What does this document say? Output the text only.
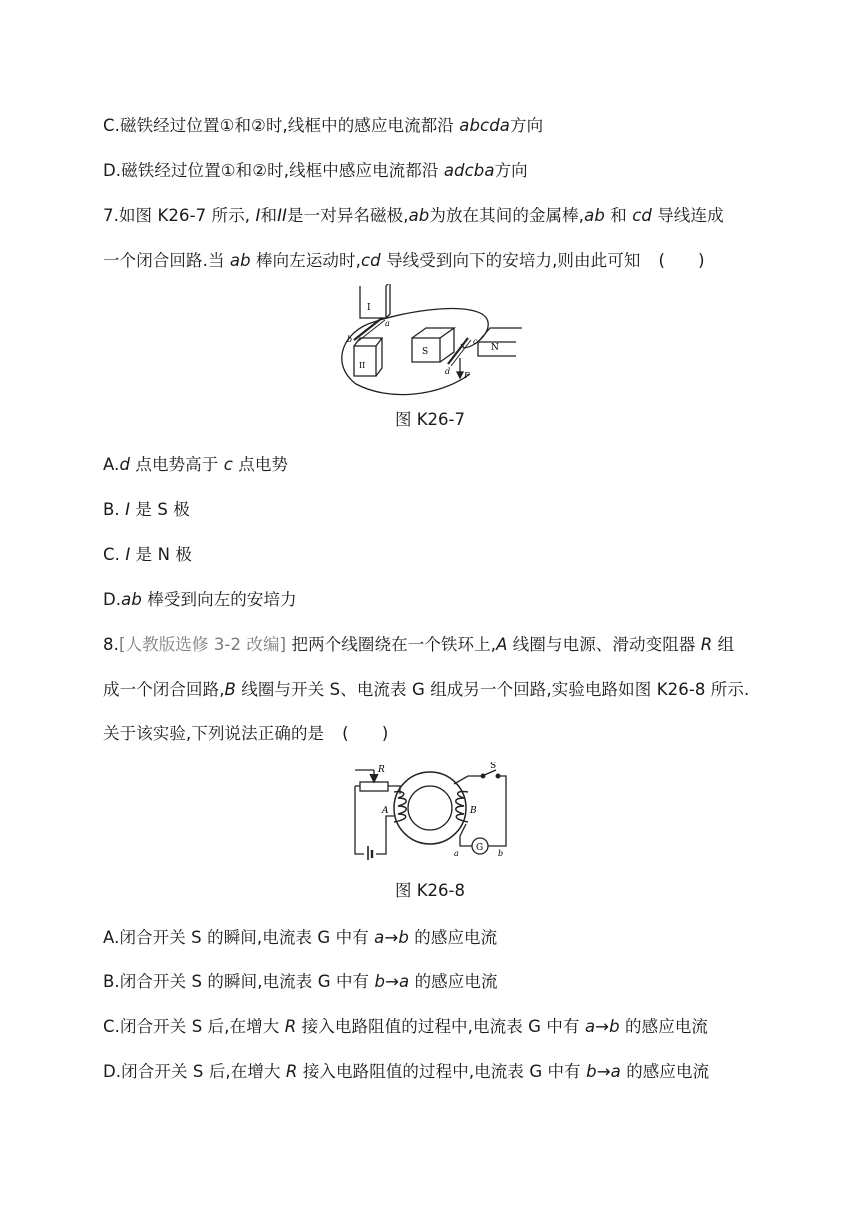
C.磁铁经过位置①和②时,线框中的感应电流都沿 abcda方向
D.磁铁经过位置①和②时,线框中感应电流都沿 adcba方向
7.如图 K26-7 所示, I和II是一对异名磁极,ab为放在其间的金属棒,ab 和 cd 导线连成
一个闭合回路.当 ab 棒向左运动时,cd 导线受到向下的安培力,则由此可知 (　　)
I
II
S	N
a
b	c
d F
图 K26-7
A.d 点电势高于 c 点电势
B. I 是 S 极
C. I 是 N 极
D.ab 棒受到向左的安培力
8.[人教版选修 3-2 改编] 把两个线圈绕在一个铁环上,A 线圈与电源、滑动变阻器 R 组
成一个闭合回路,B 线圈与开关 S、电流表 G 组成另一个回路,实验电路如图 K26-8 所示.
关于该实验,下列说法正确的是 (　　)
R
A	B
S
G
a	b
图 K26-8
A.闭合开关 S 的瞬间,电流表 G 中有 a→b 的感应电流
B.闭合开关 S 的瞬间,电流表 G 中有 b→a 的感应电流
C.闭合开关 S 后,在增大 R 接入电路阻值的过程中,电流表 G 中有 a→b 的感应电流
D.闭合开关 S 后,在增大 R 接入电路阻值的过程中,电流表 G 中有 b→a 的感应电流
